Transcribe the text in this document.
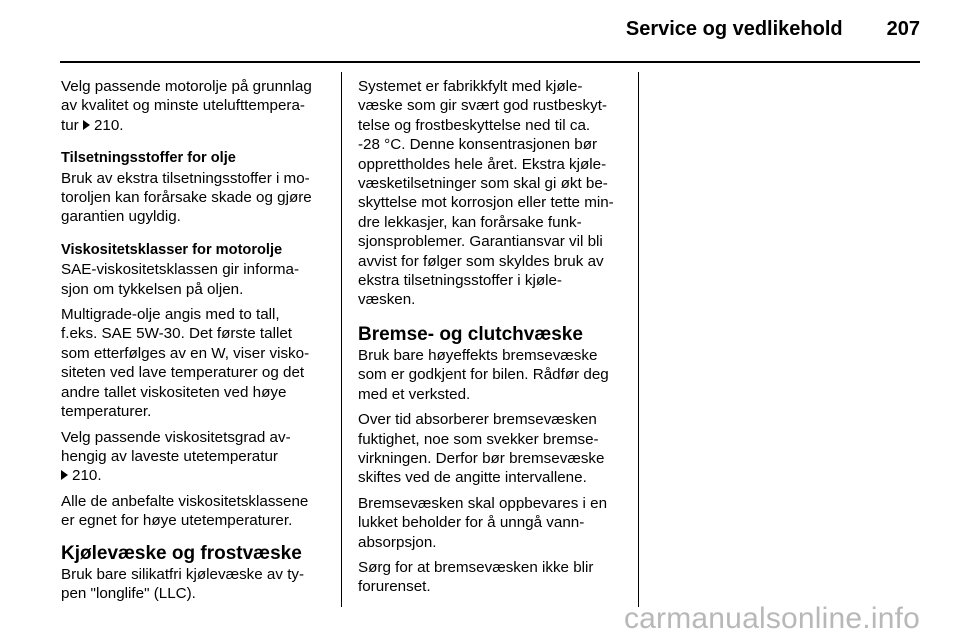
Service og vedlikehold 207

Velg passende motorolje på grunnlag
av kvalitet og minste utelufttempera-
tur 210.

Tilsetningsstoffer for olje
Bruk av ekstra tilsetningsstoffer i mo-
toroljen kan forårsake skade og gjøre
garantien ugyldig.

Viskositetsklasser for motorolje
SAE-viskositetsklassen gir informa-
sjon om tykkelsen på oljen.

Multigrade-olje angis med to tall,
f.eks. SAE 5W-30. Det første tallet
som etterfølges av en W, viser visko-
siteten ved lave temperaturer og det
andre tallet viskositeten ved høye
temperaturer.

Velg passende viskositetsgrad av-
hengig av laveste utetemperatur
210.

Alle de anbefalte viskositetsklassene
er egnet for høye utetemperaturer.

Kjølevæske og frostvæske

Bruk bare silikatfri kjølevæske av ty-
pen "longlife" (LLC).

Systemet er fabrikkfylt med kjøle-
væske som gir svært god rustbeskyt-
telse og frostbeskyttelse ned til ca.
-28 °C. Denne konsentrasjonen bør
opprettholdes hele året. Ekstra kjøle-
væsketilsetninger som skal gi økt be-
skyttelse mot korrosjon eller tette min-
dre lekkasjer, kan forårsake funk-
sjonsproblemer. Garantiansvar vil bli
avvist for følger som skyldes bruk av
ekstra tilsetningsstoffer i kjøle-
væsken.

Bremse- og clutchvæske

Bruk bare høyeffekts bremsevæske
som er godkjent for bilen. Rådfør deg
med et verksted.

Over tid absorberer bremsevæsken
fuktighet, noe som svekker bremse-
virkningen. Derfor bør bremsevæske
skiftes ved de angitte intervallene.

Bremsevæsken skal oppbevares i en
lukket beholder for å unngå vann-
absorpsjon.

Sørg for at bremsevæsken ikke blir
forurenset.

carmanualsonline.info
